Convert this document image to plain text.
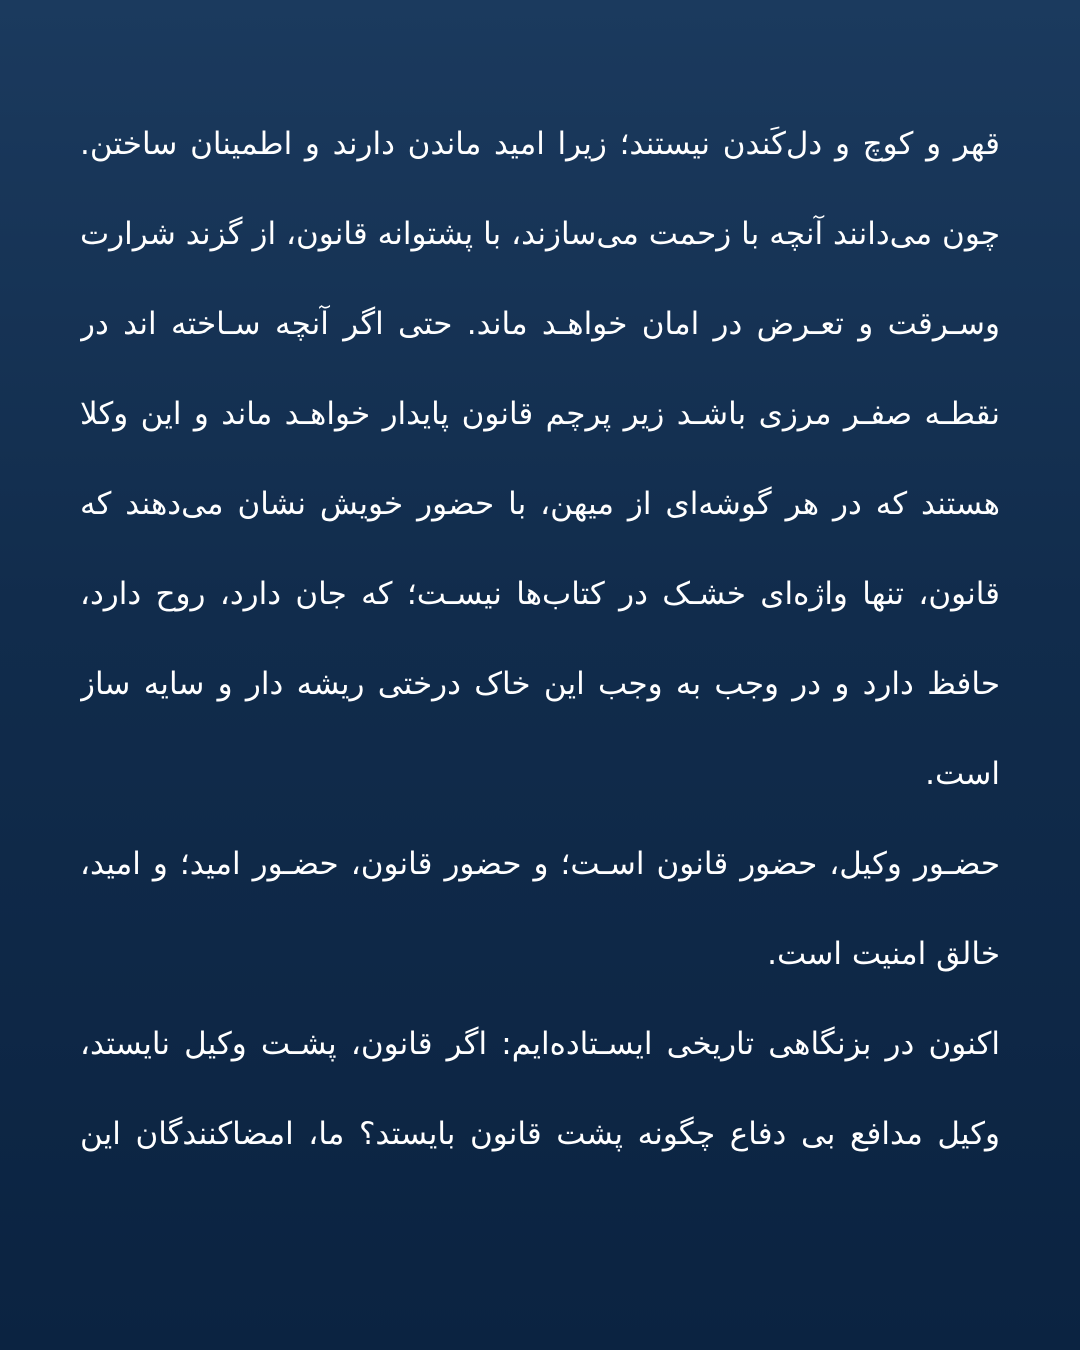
قهر و کوچ و دل‌کَندن نیستند؛ زیرا امید ماندن دارند و اطمینان ساختن.
چون می‌دانند آنچه با زحمت می‌سازند، با پشتوانه قانون، از گزند شرارت
وسـرقت و تعـرض در امان خواهـد ماند. حتی اگر آنچه سـاخته اند در
نقطـه صفـر مرزی باشـد زیر پرچم قانون پایدار خواهـد ماند و این وکلا
هستند که در هر گوشه‌ای از میهن، با حضور خویش نشان می‌دهند که
قانون، تنها واژه‌ای خشـک در کتاب‌ها نیسـت؛ که جان دارد، روح دارد،
حافظ دارد و در وجب به وجب این خاک درختی ریشه دار و سایه ساز
است.
حضـور وکیل، حضور قانون اسـت؛ و حضور قانون، حضـور امید؛ و امید،
خالق امنیت است.
اکنون در بزنگاهی تاریخی ایسـتاده‌ایم: اگر قانون، پشـت وکیل نایستد،
وکیل مدافع بی دفاع چگونه پشت قانون بایستد؟ ما، امضاکنندگان این
